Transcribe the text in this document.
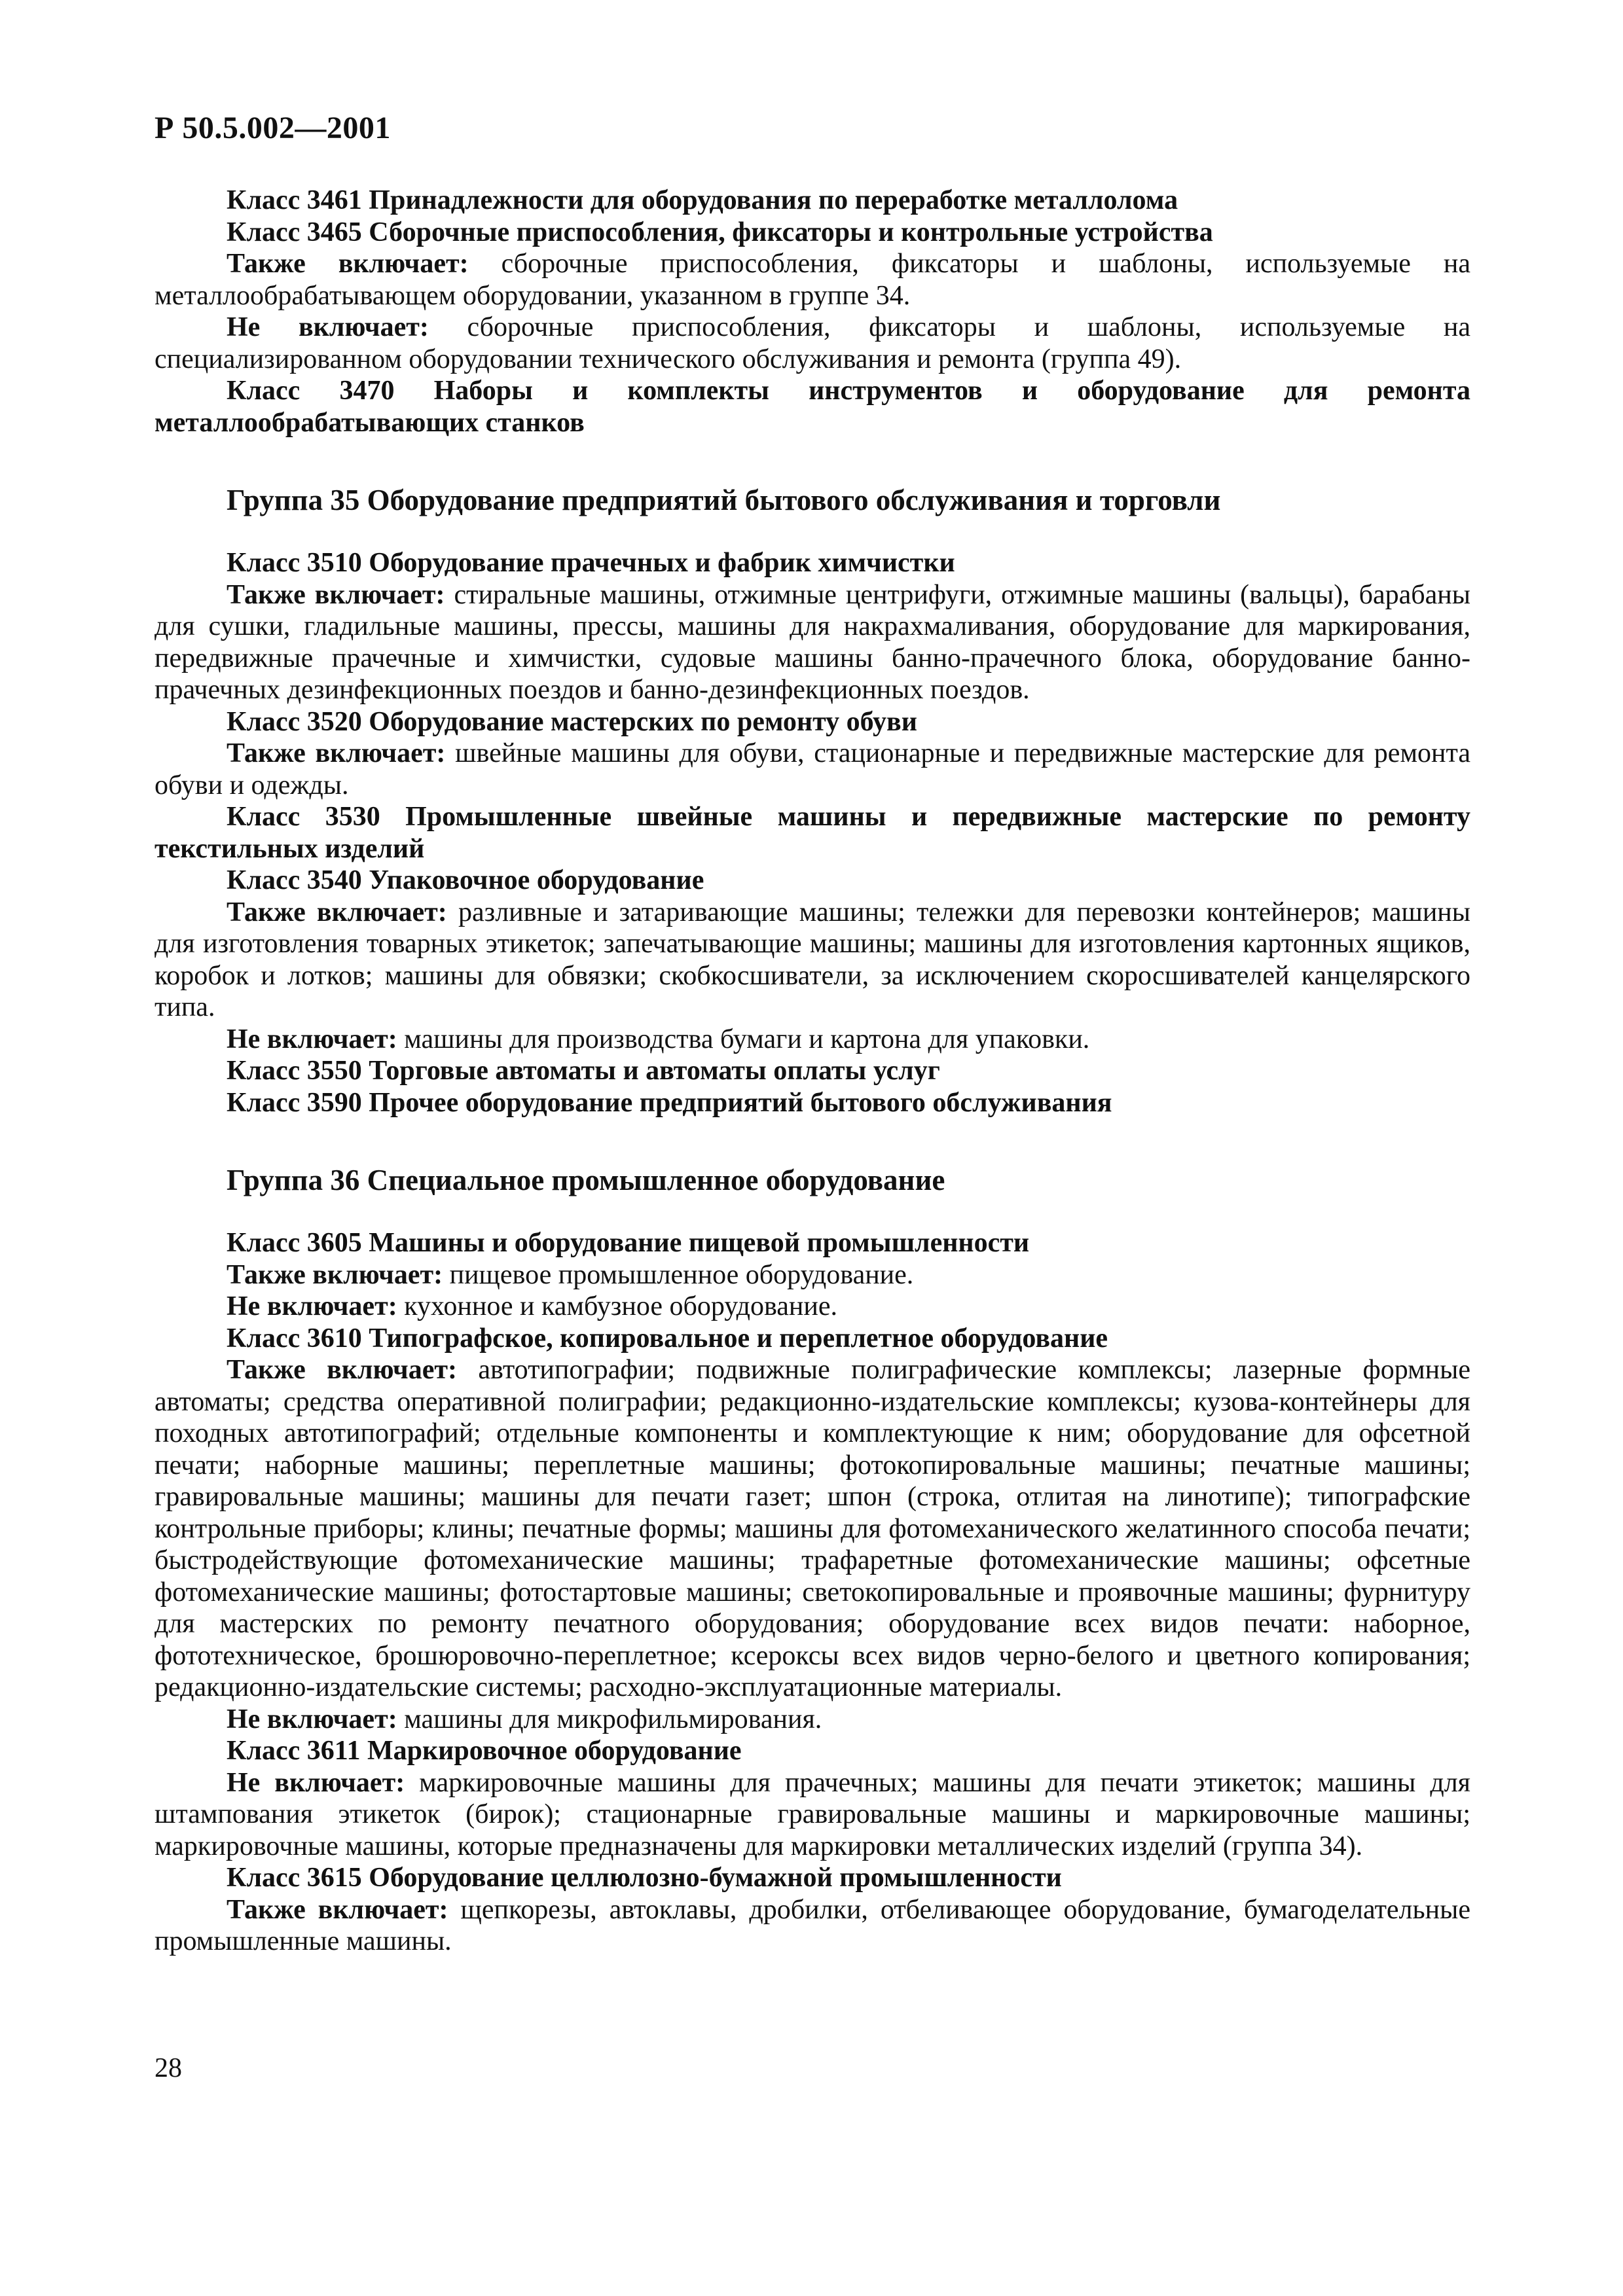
Р 50.5.002—2001

Класс 3461 Принадлежности для оборудования по переработке металлолома

Класс 3465 Сборочные приспособления, фиксаторы и контрольные устройства

Также включает: сборочные приспособления, фиксаторы и шаблоны, используемые на металлообрабатывающем оборудовании, указанном в группе 34.

Не включает: сборочные приспособления, фиксаторы и шаблоны, используемые на специализированном оборудовании технического обслуживания и ремонта (группа 49).

Класс 3470 Наборы и комплекты инструментов и оборудование для ремонта металлообрабатывающих станков

Группа 35 Оборудование предприятий бытового обслуживания и торговли

Класс 3510 Оборудование прачечных и фабрик химчистки

Также включает: стиральные машины, отжимные центрифуги, отжимные машины (вальцы), барабаны для сушки, гладильные машины, прессы, машины для накрахмаливания, оборудование для маркирования, передвижные прачечные и химчистки, судовые машины банно-прачечного блока, оборудование банно-прачечных дезинфекционных поездов и банно-дезинфекционных поездов.

Класс 3520 Оборудование мастерских по ремонту обуви

Также включает: швейные машины для обуви, стационарные и передвижные мастерские для ремонта обуви и одежды.

Класс 3530 Промышленные швейные машины и передвижные мастерские по ремонту текстильных изделий

Класс 3540 Упаковочное оборудование

Также включает: разливные и затаривающие машины; тележки для перевозки контейнеров; машины для изготовления товарных этикеток; запечатывающие машины; машины для изготовления картонных ящиков, коробок и лотков; машины для обвязки; скобкосшиватели, за исключением скоросшивателей канцелярского типа.

Не включает: машины для производства бумаги и картона для упаковки.

Класс 3550 Торговые автоматы и автоматы оплаты услуг

Класс 3590 Прочее оборудование предприятий бытового обслуживания

Группа 36 Специальное промышленное оборудование

Класс 3605 Машины и оборудование пищевой промышленности

Также включает: пищевое промышленное оборудование.

Не включает: кухонное и камбузное оборудование.

Класс 3610 Типографское, копировальное и переплетное оборудование

Также включает: автотипографии; подвижные полиграфические комплексы; лазерные формные автоматы; средства оперативной полиграфии; редакционно-издательские комплексы; кузова-контейнеры для походных автотипографий; отдельные компоненты и комплектующие к ним; оборудование для офсетной печати; наборные машины; переплетные машины; фотокопировальные машины; печатные машины; гравировальные машины; машины для печати газет; шпон (строка, отлитая на линотипе); типографские контрольные приборы; клины; печатные формы; машины для фотомеханического желатинного способа печати; быстродействующие фотомеханические машины; трафаретные фотомеханические машины; офсетные фотомеханические машины; фотостартовые машины; светокопировальные и проявочные машины; фурнитуру для мастерских по ремонту печатного оборудования; оборудование всех видов печати: наборное, фототехническое, брошюровочно-переплетное; ксероксы всех видов черно-белого и цветного копирования; редакционно-издательские системы; расходно-эксплуатационные материалы.

Не включает: машины для микрофильмирования.

Класс 3611 Маркировочное оборудование

Не включает: маркировочные машины для прачечных; машины для печати этикеток; машины для штампования этикеток (бирок); стационарные гравировальные машины и маркировочные машины; маркировочные машины, которые предназначены для маркировки металлических изделий (группа 34).

Класс 3615 Оборудование целлюлозно-бумажной промышленности

Также включает: щепкорезы, автоклавы, дробилки, отбеливающее оборудование, бумагоделательные промышленные машины.

28
